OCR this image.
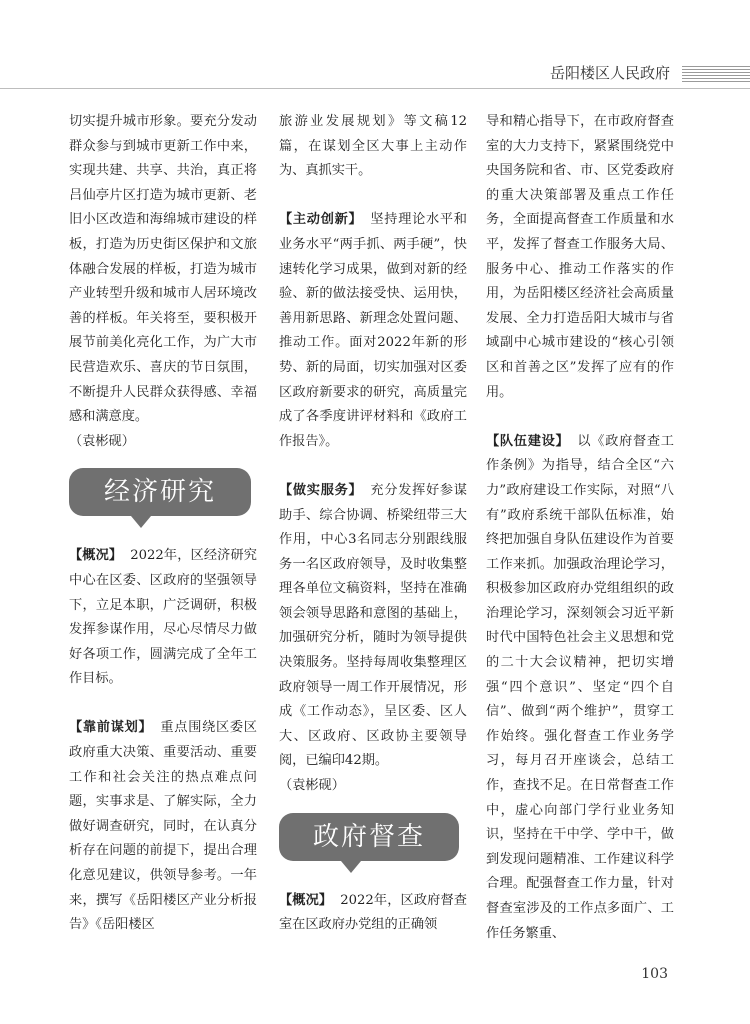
岳阳楼区人民政府

切实提升城市形象。要充分发动群众参与到城市更新工作中来，实现共建、共享、共治，真正将吕仙亭片区打造为城市更新、老旧小区改造和海绵城市建设的样板，打造为历史街区保护和文旅体融合发展的样板，打造为城市产业转型升级和城市人居环境改善的样板。年关将至，要积极开展节前美化亮化工作，为广大市民营造欢乐、喜庆的节日氛围，不断提升人民群众获得感、幸福感和满意度。

（袁彬砚）

经济研究

【概况】 2022年，区经济研究中心在区委、区政府的坚强领导下，立足本职，广泛调研，积极发挥参谋作用，尽心尽情尽力做好各项工作，圆满完成了全年工作目标。

【靠前谋划】 重点围绕区委区政府重大决策、重要活动、重要工作和社会关注的热点难点问题，实事求是、了解实际，全力做好调查研究，同时，在认真分析存在问题的前提下，提出合理化意见建议，供领导参考。一年来，撰写《岳阳楼区产业分析报告》《岳阳楼区

旅游业发展规划》等文稿12篇，在谋划全区大事上主动作为、真抓实干。

【主动创新】 坚持理论水平和业务水平“两手抓、两手硬”，快速转化学习成果，做到对新的经验、新的做法接受快、运用快，善用新思路、新理念处置问题、推动工作。面对2022年新的形势、新的局面，切实加强对区委区政府新要求的研究，高质量完成了各季度讲评材料和《政府工作报告》。

【做实服务】 充分发挥好参谋助手、综合协调、桥梁纽带三大作用，中心3名同志分别跟线服务一名区政府领导，及时收集整理各单位文稿资料，坚持在准确领会领导思路和意图的基础上，加强研究分析，随时为领导提供决策服务。坚持每周收集整理区政府领导一周工作开展情况，形成《工作动态》，呈区委、区人大、区政府、区政协主要领导阅，已编印42期。

（袁彬砚）

政府督查

【概况】 2022年，区政府督查室在区政府办党组的正确领

导和精心指导下，在市政府督查室的大力支持下，紧紧围绕党中央国务院和省、市、区党委政府的重大决策部署及重点工作任务，全面提高督查工作质量和水平，发挥了督查工作服务大局、服务中心、推动工作落实的作用，为岳阳楼区经济社会高质量发展、全力打造岳阳大城市与省域副中心城市建设的“核心引领区和首善之区”发挥了应有的作用。

【队伍建设】 以《政府督查工作条例》为指导，结合全区“六力”政府建设工作实际，对照“八有”政府系统干部队伍标准，始终把加强自身队伍建设作为首要工作来抓。加强政治理论学习，积极参加区政府办党组组织的政治理论学习，深刻领会习近平新时代中国特色社会主义思想和党的二十大会议精神，把切实增强“四个意识”、坚定“四个自信”、做到“两个维护”，贯穿工作始终。强化督查工作业务学习，每月召开座谈会，总结工作，查找不足。在日常督查工作中，虚心向部门学行业业务知识，坚持在干中学、学中干，做到发现问题精准、工作建议科学合理。配强督查工作力量，针对督查室涉及的工作点多面广、工作任务繁重、

103
